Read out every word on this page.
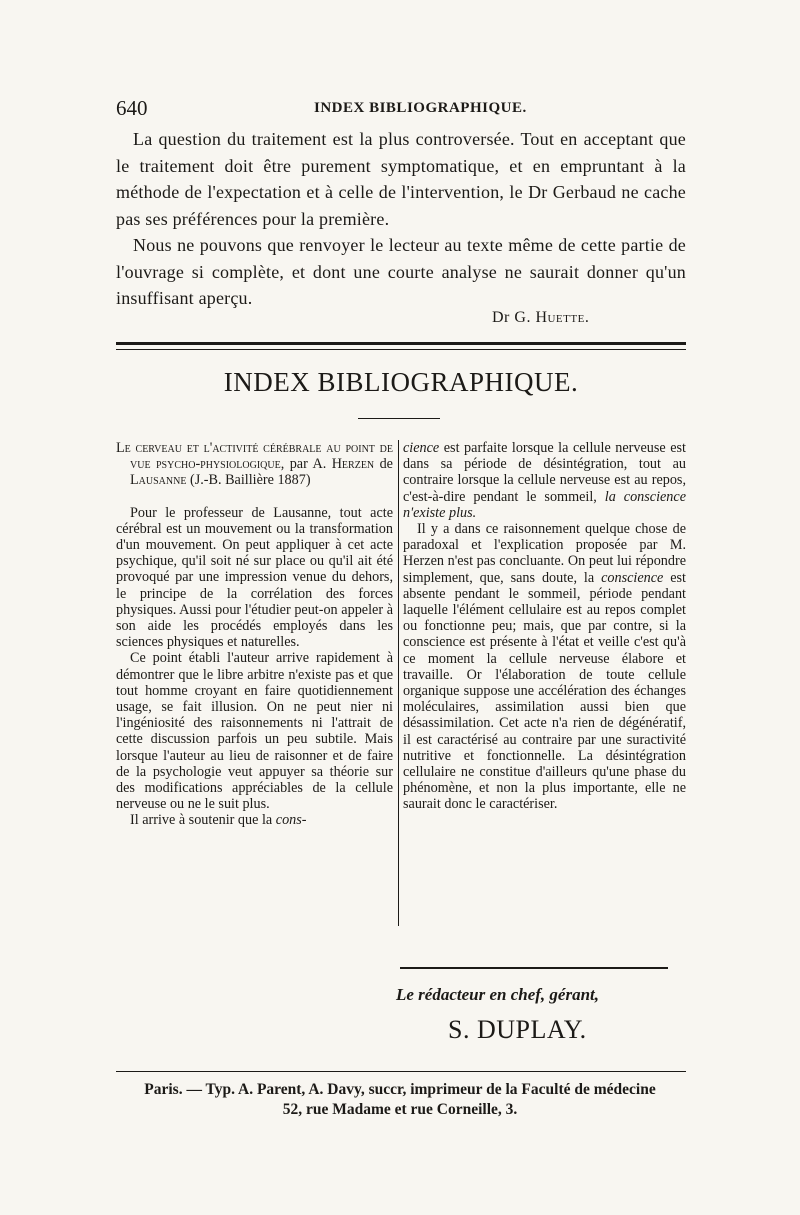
640	INDEX BIBLIOGRAPHIQUE.

La question du traitement est la plus controversée. Tout en acceptant que le traitement doit être purement symptomatique, et en empruntant à la méthode de l'expectation et à celle de l'intervention, le Dr Gerbaud ne cache pas ses préférences pour la première.

Nous ne pouvons que renvoyer le lecteur au texte même de cette partie de l'ouvrage si complète, et dont une courte analyse ne saurait donner qu'un insuffisant aperçu.

Dr G. Huette.
INDEX BIBLIOGRAPHIQUE.

Le cerveau et l'activité cérébrale au point de vue psycho-physiologique, par A. Herzen de Lausanne (J.-B. Baillière 1887)

Pour le professeur de Lausanne, tout acte cérébral est un mouvement ou la transformation d'un mouvement. On peut appliquer à cet acte psychique, qu'il soit né sur place ou qu'il ait été provoqué par une impression venue du dehors, le principe de la corrélation des forces physiques. Aussi pour l'étudier peut-on appeler à son aide les procédés employés dans les sciences physiques et naturelles.

Ce point établi l'auteur arrive rapidement à démontrer que le libre arbitre n'existe pas et que tout homme croyant en faire quotidiennement usage, se fait illusion. On ne peut nier ni l'ingéniosité des raisonnements ni l'attrait de cette discussion parfois un peu subtile. Mais lorsque l'auteur au lieu de raisonner et de faire de la psychologie veut appuyer sa théorie sur des modifications appréciables de la cellule nerveuse ou ne le suit plus.

Il arrive à soutenir que la cons-

cience est parfaite lorsque la cellule nerveuse est dans sa période de désintégration, tout au contraire lorsque la cellule nerveuse est au repos, c'est-à-dire pendant le sommeil, la conscience n'existe plus.

Il y a dans ce raisonnement quelque chose de paradoxal et l'explication proposée par M. Herzen n'est pas concluante. On peut lui répondre simplement, que, sans doute, la conscience est absente pendant le sommeil, période pendant laquelle l'élément cellulaire est au repos complet ou fonctionne peu; mais, que par contre, si la conscience est présente à l'état et veille c'est qu'à ce moment la cellule nerveuse élabore et travaille. Or l'élaboration de toute cellule organique suppose une accélération des échanges moléculaires, assimilation aussi bien que désassimilation. Cet acte n'a rien de dégénératif, il est caractérisé au contraire par une suractivité nutritive et fonctionnelle. La désintégration cellulaire ne constitue d'ailleurs qu'une phase du phénomène, et non la plus importante, elle ne saurait donc le caractériser.

Le rédacteur en chef, gérant,
S. DUPLAY.
Paris. — Typ. A. Parent, A. Davy, succr, imprimeur de la Faculté de médecine
52, rue Madame et rue Corneille, 3.
